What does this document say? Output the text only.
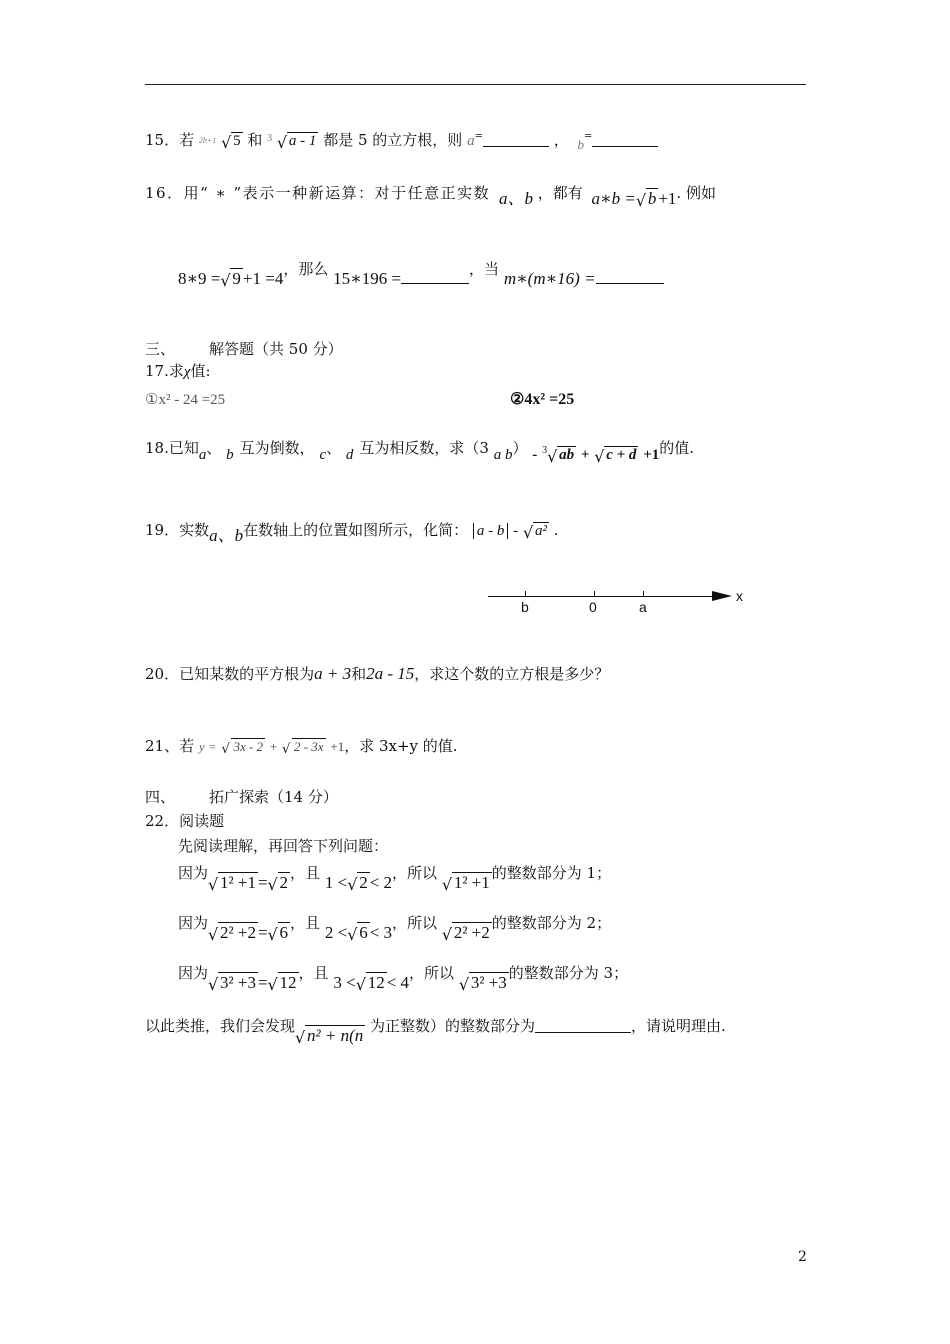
15．若 2b+1 √ 5 和 $^3$ √ a - 1 都是 5 的立方根，则 a=	， b=
16．用“ ∗ ”表示一种新运算：对于任意正实数 a、b ，都有 a∗b = √ b +1. 例如
8∗9 = √ 9 +1 =4，那么 15∗196 =	，当 m∗(m∗16) =
三、 解答题（共 50 分）
17.求χ值:
①x² - 24 =25	②4x² =25
18.已知a、 b 互为倒数， c、 d 互为相反数，求（3 a b） - 3 √ ab + √ c + d +1的值.
19．实数a、b在数轴上的位置如图所示，化简： a - b - √ a² .
b	0	a
x
20．已知某数的平方根为a + 3和2a - 15，求这个数的立方根是多少？
21、若 y = √ 3x - 2 + √ 2 - 3x +1，求 3x+y 的值.
四、 拓广探索（14 分）
22．阅读题
先阅读理解，再回答下列问题：
因为
√ 1² +1 = √ 2 ，且 1 < √ 2 < 2，所以
√ 1² +1 的整数部分为 1；
因为
√ 2² +2 = √ 6 ，且 2 < √ 6 < 3，所以
√ 2² +2 的整数部分为 2；
因为
√ 3² +3 = √ 12 ，且 3 < √ 12 < 4，所以
√ 3² +3 的整数部分为 3；
以此类推，我们会发现
√ n² + n(n 为正整数）的整数部分为	，请说明理由.
2
